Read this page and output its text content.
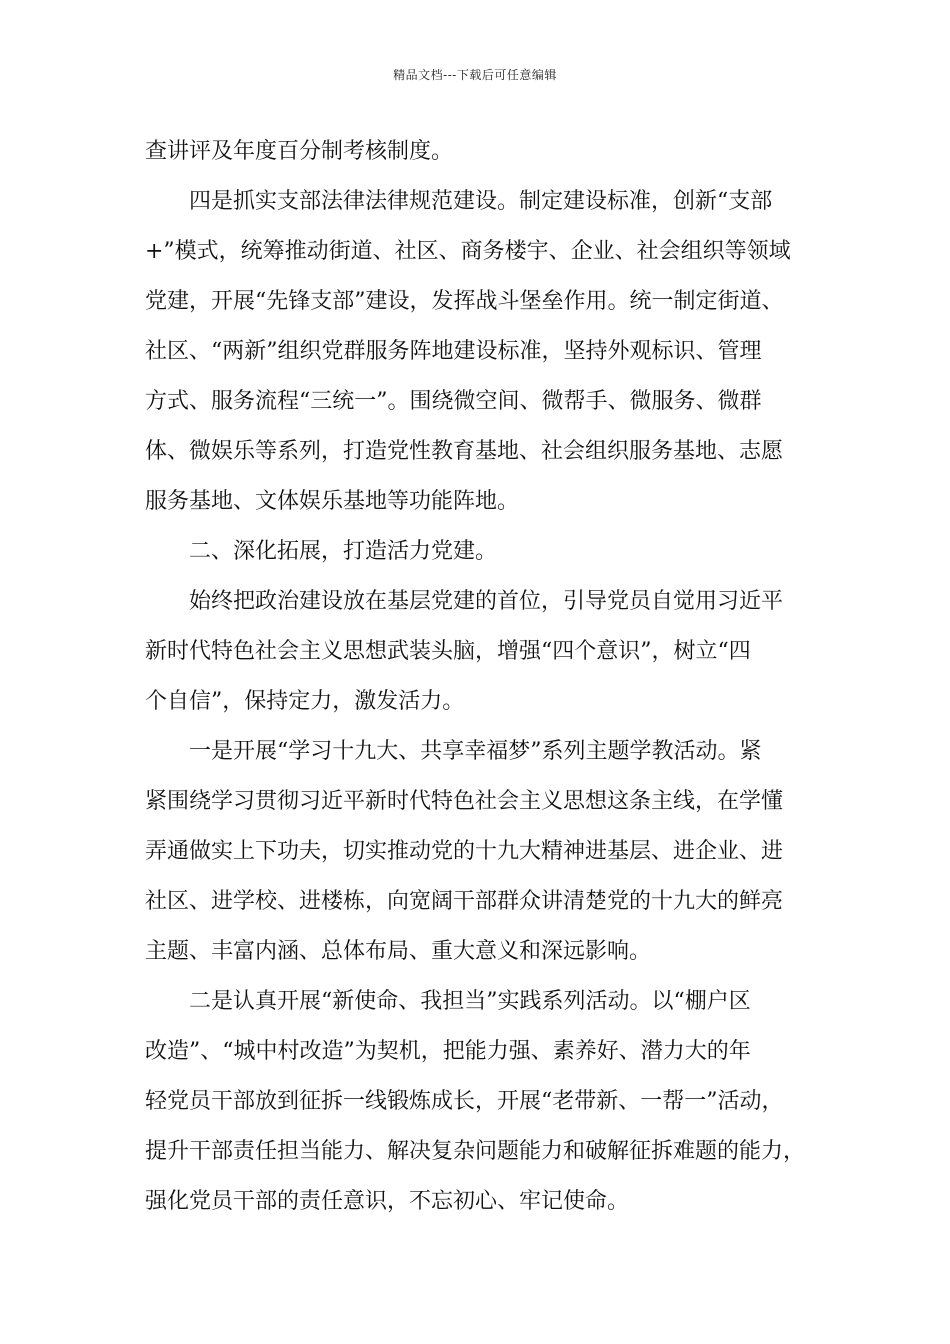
精品文档---下载后可任意编辑
查讲评及年度百分制考核制度。
　　四是抓实支部法律法律规范建设。制定建设标准，创新“支部
+”模式，统筹推动街道、社区、商务楼宇、企业、社会组织等领域
党建，开展“先锋支部”建设，发挥战斗堡垒作用。统一制定街道、
社区、“两新”组织党群服务阵地建设标准，坚持外观标识、管理
方式、服务流程“三统一”。围绕微空间、微帮手、微服务、微群
体、微娱乐等系列，打造党性教育基地、社会组织服务基地、志愿
服务基地、文体娱乐基地等功能阵地。
　　二、深化拓展，打造活力党建。
　　始终把政治建设放在基层党建的首位，引导党员自觉用习近平
新时代特色社会主义思想武装头脑，增强“四个意识”，树立“四
个自信”，保持定力，激发活力。
　　一是开展“学习十九大、共享幸福梦”系列主题学教活动。紧
紧围绕学习贯彻习近平新时代特色社会主义思想这条主线，在学懂
弄通做实上下功夫，切实推动党的十九大精神进基层、进企业、进
社区、进学校、进楼栋，向宽阔干部群众讲清楚党的十九大的鲜亮
主题、丰富内涵、总体布局、重大意义和深远影响。
　　二是认真开展“新使命、我担当”实践系列活动。以“棚户区
改造”、“城中村改造”为契机，把能力强、素养好、潜力大的年
轻党员干部放到征拆一线锻炼成长，开展“老带新、一帮一”活动，
提升干部责任担当能力、解决复杂问题能力和破解征拆难题的能力，
强化党员干部的责任意识，不忘初心、牢记使命。
